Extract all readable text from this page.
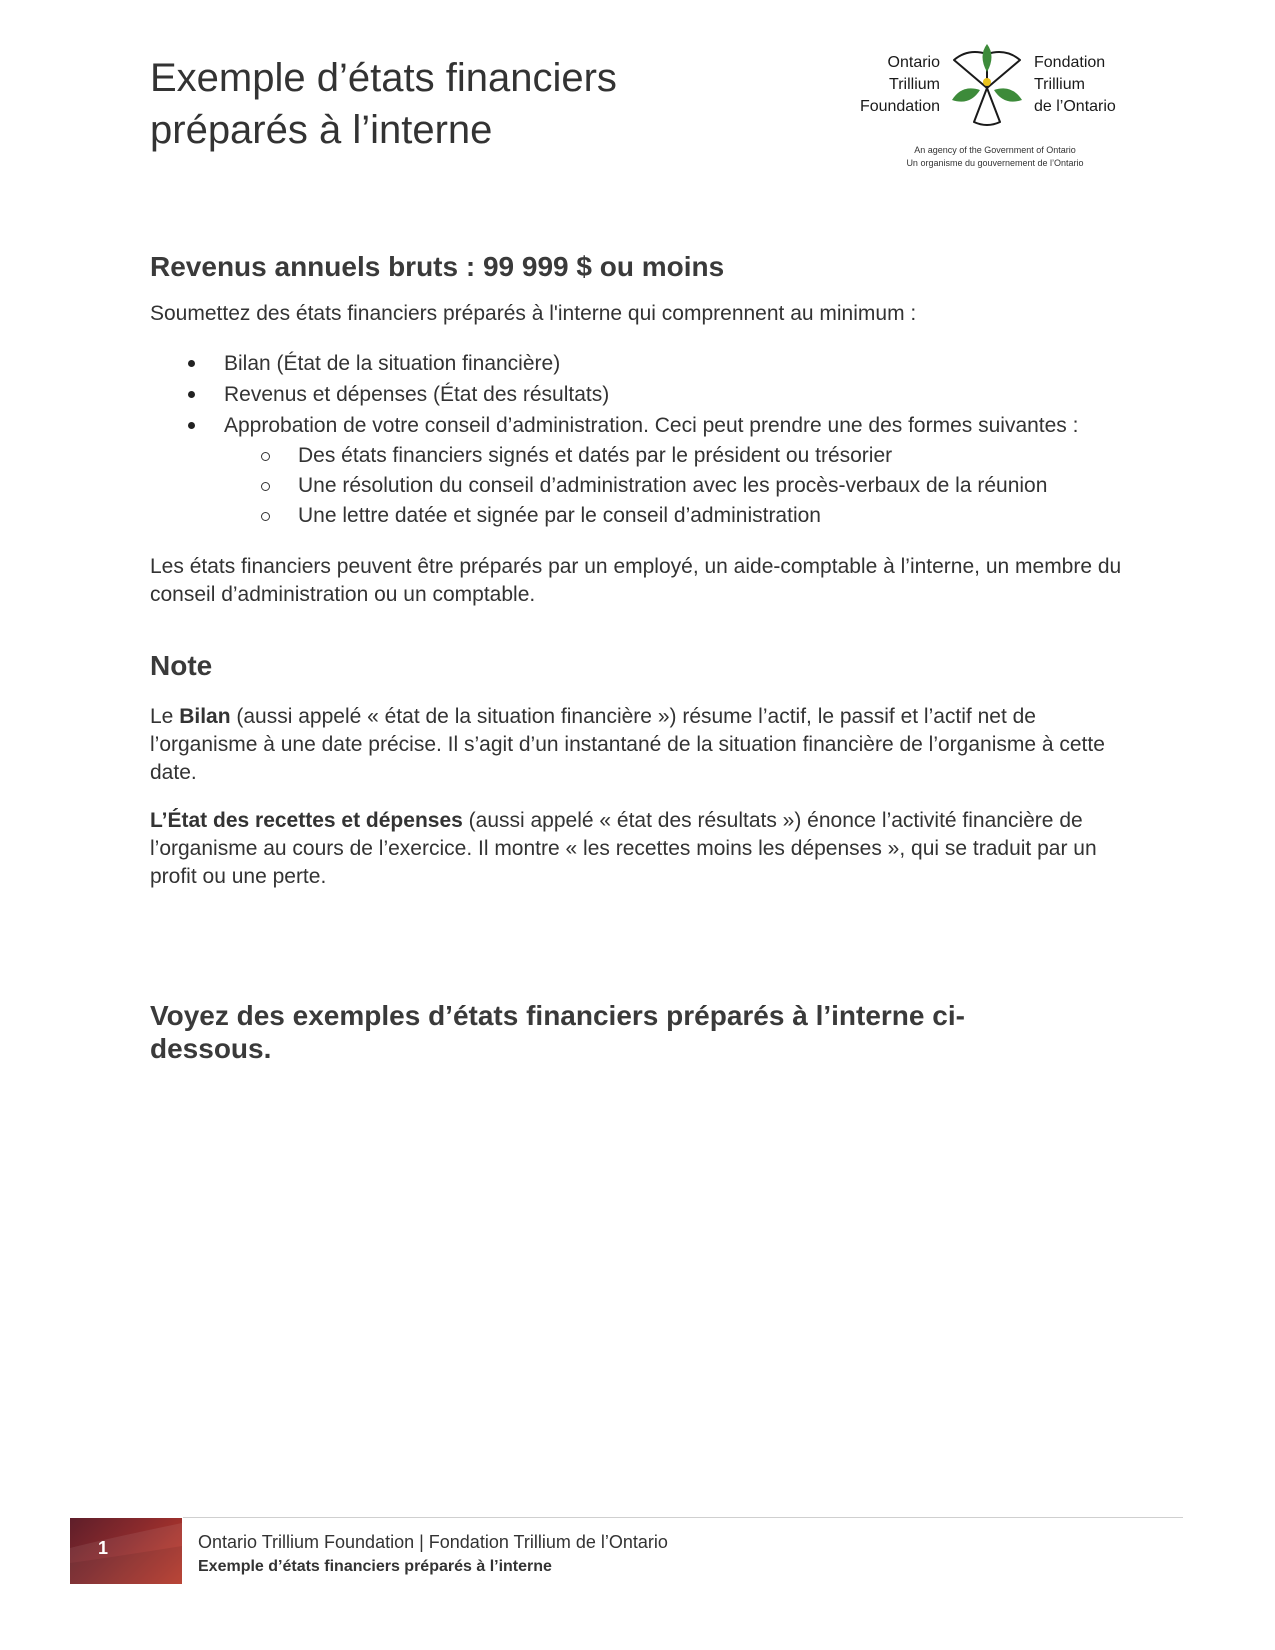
Exemple d’états financiers
préparés à l’interne
Ontario
Trillium
Foundation
Fondation
Trillium
de l’Ontario
An agency of the Government of Ontario
Un organisme du gouvernement de l’Ontario
Revenus annuels bruts : 99 999 $ ou moins

Soumettez des états financiers préparés à l'interne qui comprennent au minimum :

Bilan (État de la situation financière)
Revenus et dépenses (État des résultats)
Approbation de votre conseil d’administration. Ceci peut prendre une des formes suivantes :
Des états financiers signés et datés par le président ou trésorier
Une résolution du conseil d’administration avec les procès-verbaux de la réunion
Une lettre datée et signée par le conseil d’administration

Les états financiers peuvent être préparés par un employé, un aide-comptable à l’interne, un membre du conseil d’administration ou un comptable.

Note

Le Bilan (aussi appelé « état de la situation financière ») résume l’actif, le passif et l’actif net de l’organisme à une date précise. Il s’agit d’un instantané de la situation financière de l’organisme à cette date.

L’État des recettes et dépenses (aussi appelé « état des résultats ») énonce l’activité financière de l’organisme au cours de l’exercice. Il montre « les recettes moins les dépenses », qui se traduit par un profit ou une perte.

Voyez des exemples d’états financiers préparés à l’interne ci-dessous.
1	Ontario Trillium Foundation | Fondation Trillium de l’Ontario
Exemple d’états financiers préparés à l’interne
